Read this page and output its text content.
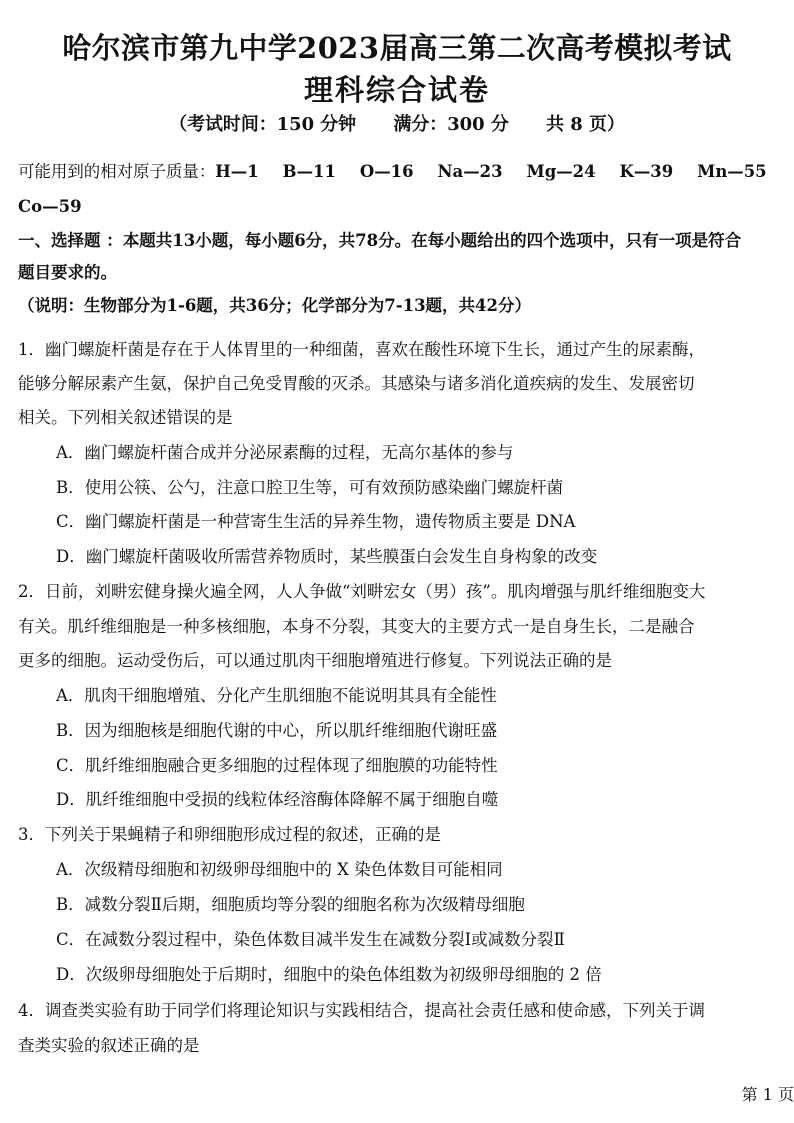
哈尔滨市第九中学2023届高三第二次高考模拟考试
理科综合试卷
（考试时间：150 分钟      满分：300 分      共 8 页）
可能用到的相对原子质量：H—1 B—11 O—16 Na—23 Mg—24 K—39 Mn—55
Co—59
一、选择题 ：本题共13小题，每小题6分，共78分。在每小题给出的四个选项中，只有一项是符合
题目要求的。
（说明：生物部分为1-6题，共36分；化学部分为7-13题，共42分）
1．幽门螺旋杆菌是存在于人体胃里的一种细菌，喜欢在酸性环境下生长，通过产生的尿素酶，
能够分解尿素产生氨，保护自己免受胃酸的灭杀。其感染与诸多消化道疾病的发生、发展密切
相关。下列相关叙述错误的是
A．幽门螺旋杆菌合成并分泌尿素酶的过程，无高尔基体的参与
B．使用公筷、公勺，注意口腔卫生等，可有效预防感染幽门螺旋杆菌
C．幽门螺旋杆菌是一种营寄生生活的异养生物，遗传物质主要是 DNA
D．幽门螺旋杆菌吸收所需营养物质时，某些膜蛋白会发生自身构象的改变
2．日前，刘畊宏健身操火遍全网，人人争做“刘畊宏女（男）孩”。肌肉增强与肌纤维细胞变大
有关。肌纤维细胞是一种多核细胞，本身不分裂，其变大的主要方式一是自身生长，二是融合
更多的细胞。运动受伤后，可以通过肌肉干细胞增殖进行修复。下列说法正确的是
A．肌肉干细胞增殖、分化产生肌细胞不能说明其具有全能性
B．因为细胞核是细胞代谢的中心，所以肌纤维细胞代谢旺盛
C．肌纤维细胞融合更多细胞的过程体现了细胞膜的功能特性
D．肌纤维细胞中受损的线粒体经溶酶体降解不属于细胞自噬
3．下列关于果蝇精子和卵细胞形成过程的叙述，正确的是
A．次级精母细胞和初级卵母细胞中的 X 染色体数目可能相同
B．减数分裂Ⅱ后期，细胞质均等分裂的细胞名称为次级精母细胞
C．在减数分裂过程中，染色体数目减半发生在减数分裂Ⅰ或减数分裂Ⅱ
D．次级卵母细胞处于后期时，细胞中的染色体组数为初级卵母细胞的 2 倍
4．调查类实验有助于同学们将理论知识与实践相结合，提高社会责任感和使命感，下列关于调
查类实验的叙述正确的是
第 1 页
